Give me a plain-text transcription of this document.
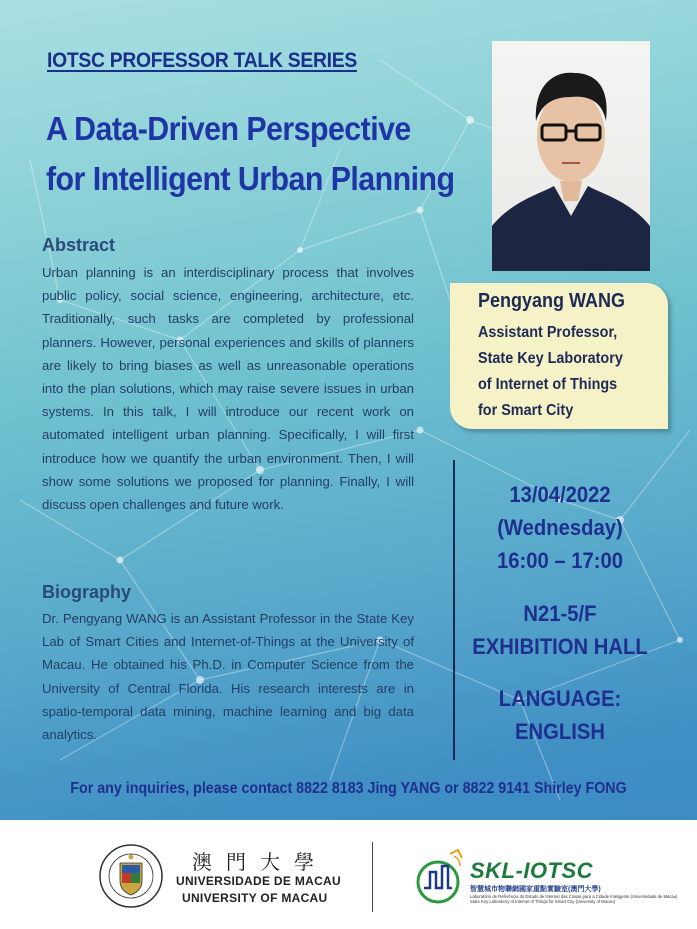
IOTSC PROFESSOR TALK SERIES
A Data-Driven Perspective
for Intelligent Urban Planning
Pengyang WANG
Assistant Professor,
State Key Laboratory
of Internet of Things
for Smart City
Abstract
Urban planning is an interdisciplinary process that involves public policy, social science, engineering, architecture, etc. Traditionally, such tasks are completed by professional planners. However, personal experiences and skills of planners are likely to bring biases as well as unreasonable operations into the plan solutions, which may raise severe issues in urban systems. In this talk, I will introduce our recent work on automated intelligent urban planning. Specifically, I will first introduce how we quantify the urban environment. Then, I will show some solutions we proposed for planning. Finally, I will discuss open challenges and future work.
Biography
Dr. Pengyang WANG is an Assistant Professor in the State Key Lab of Smart Cities and Internet-of-Things at the University of Macau. He obtained his Ph.D. in Computer Science from the University of Central Florida. His research interests are in spatio-temporal data mining, machine learning and big data analytics.
13/04/2022
(Wednesday)
16:00 – 17:00
N21-5/F
EXHIBITION HALL
LANGUAGE:
ENGLISH
For any inquiries, please contact 8822 8183 Jing YANG or 8822 9141 Shirley FONG
澳門大學
UNIVERSIDADE DE MACAU
UNIVERSITY OF MACAU
SKL-IOTSC
智慧城市物聯網國家重點實驗室(澳門大學)
Laboratório de Referência do Estado de Internet das Coisas para a Cidade Inteligente (Universidade de Macau)
State Key Laboratory of Internet of Things for Smart City (University of Macau)
